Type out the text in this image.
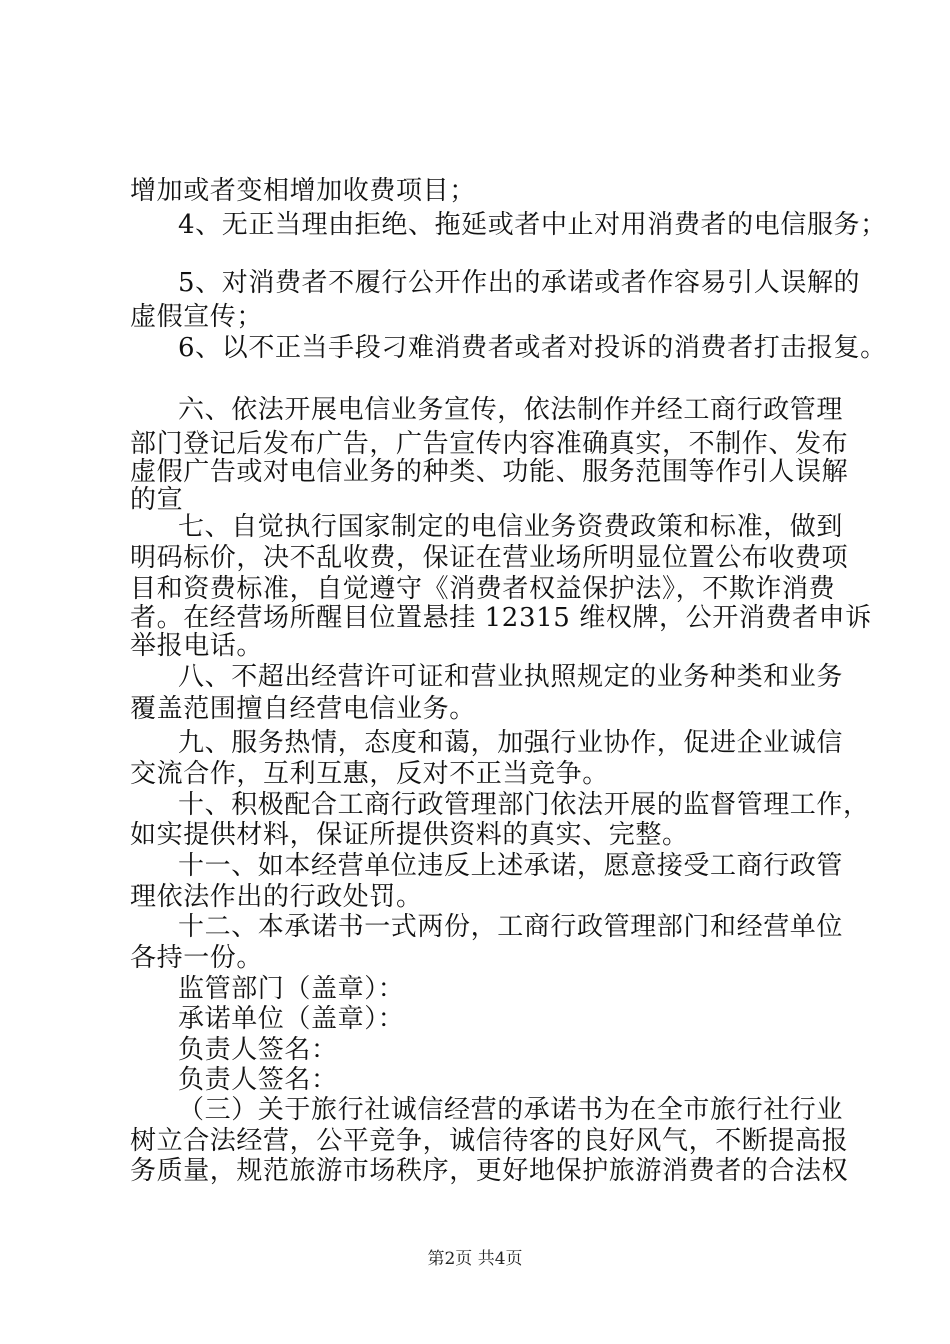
增加或者变相增加收费项目；

4、无正当理由拒绝、拖延或者中止对用消费者的电信服务；

5、对消费者不履行公开作出的承诺或者作容易引人误解的

虚假宣传；

6、以不正当手段刁难消费者或者对投诉的消费者打击报复。

六、依法开展电信业务宣传，依法制作并经工商行政管理

部门登记后发布广告，广告宣传内容准确真实，不制作、发布

虚假广告或对电信业务的种类、功能、服务范围等作引人误解

的宣

七、自觉执行国家制定的电信业务资费政策和标准，做到

明码标价，决不乱收费，保证在营业场所明显位置公布收费项

目和资费标准，自觉遵守《消费者权益保护法》，不欺诈消费

者。在经营场所醒目位置悬挂 12315 维权牌，公开消费者申诉

举报电话。

八、不超出经营许可证和营业执照规定的业务种类和业务

覆盖范围擅自经营电信业务。

九、服务热情，态度和蔼，加强行业协作，促进企业诚信

交流合作，互利互惠，反对不正当竞争。

十、积极配合工商行政管理部门依法开展的监督管理工作，

如实提供材料，保证所提供资料的真实、完整。

十一、如本经营单位违反上述承诺，愿意接受工商行政管

理依法作出的行政处罚。

十二、本承诺书一式两份，工商行政管理部门和经营单位

各持一份。

监管部门（盖章）：

承诺单位（盖章）：

负责人签名：

负责人签名：

（三）关于旅行社诚信经营的承诺书为在全市旅行社行业

树立合法经营，公平竞争，诚信待客的良好风气，不断提高报

务质量，规范旅游市场秩序，更好地保护旅游消费者的合法权

第2页 共4页
